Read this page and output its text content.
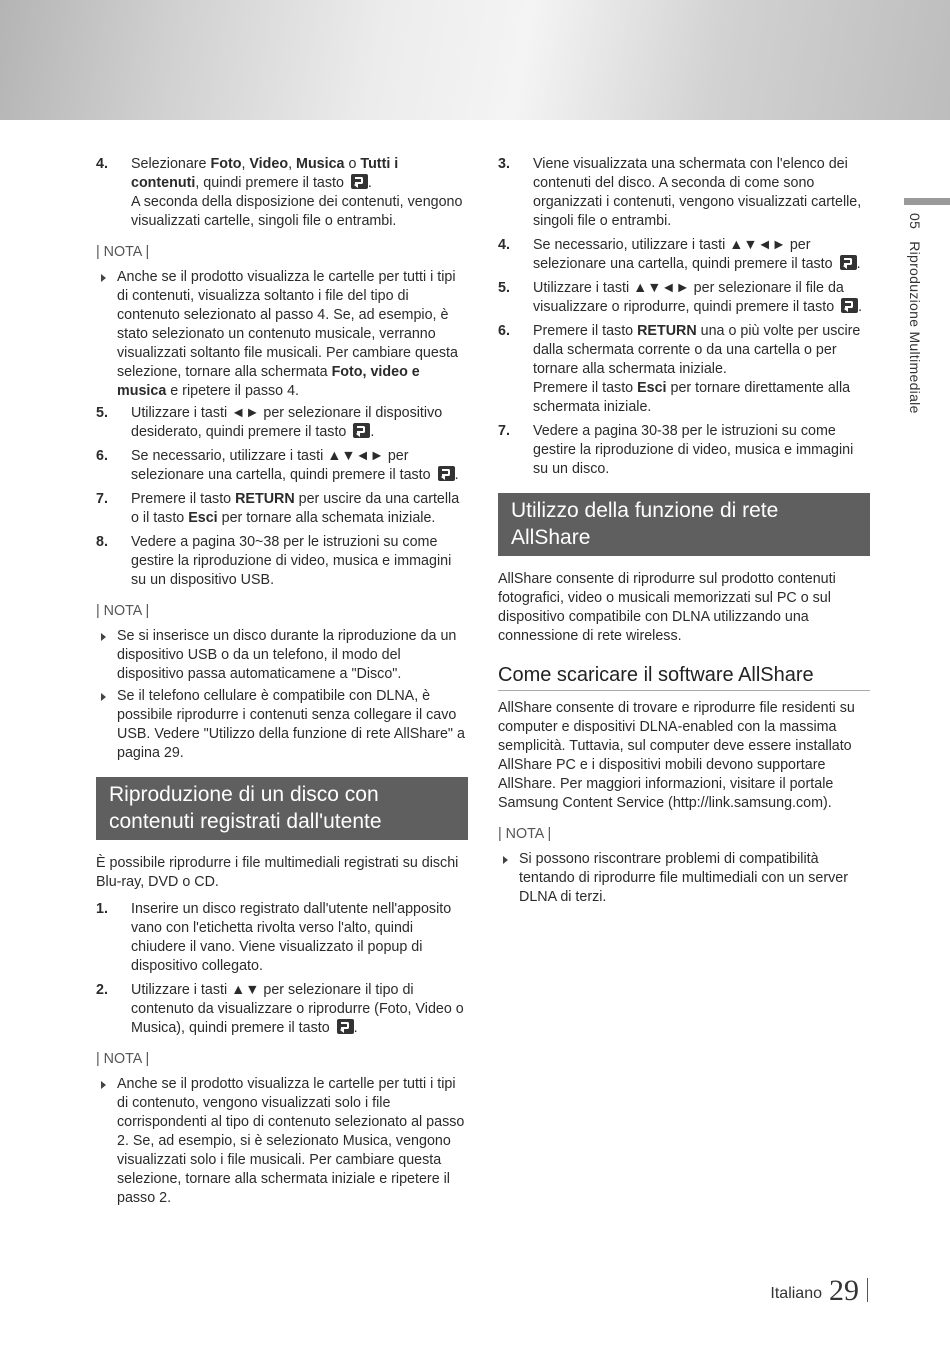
4. Selezionare Foto, Video, Musica o Tutti i contenuti, quindi premere il tasto .
A seconda della disposizione dei contenuti, vengono visualizzati cartelle, singoli file o entrambi.
| NOTA |
Anche se il prodotto visualizza le cartelle per tutti i tipi di contenuti, visualizza soltanto i file del tipo di contenuto selezionato al passo 4. Se, ad esempio, è stato selezionato un contenuto musicale, verranno visualizzati soltanto file musicali. Per cambiare questa selezione, tornare alla schermata Foto, video e musica e ripetere il passo 4.
5. Utilizzare i tasti ◄► per selezionare il dispositivo desiderato, quindi premere il tasto .
6. Se necessario, utilizzare i tasti ▲▼◄► per selezionare una cartella, quindi premere il tasto .
7. Premere il tasto RETURN per uscire da una cartella o il tasto Esci per tornare alla schemata iniziale.
8. Vedere a pagina 30~38 per le istruzioni su come gestire la riproduzione di video, musica e immagini su un dispositivo USB.
| NOTA |
Se si inserisce un disco durante la riproduzione da un dispositivo USB o da un telefono, il modo del dispositivo passa automaticamene a "Disco".
Se il telefono cellulare è compatibile con DLNA, è possibile riprodurre i contenuti senza collegare il cavo USB. Vedere "Utilizzo della funzione di rete AllShare" a pagina 29.
Riproduzione di un disco con contenuti registrati dall'utente
È possibile riprodurre i file multimediali registrati su dischi Blu-ray, DVD o CD.
1. Inserire un disco registrato dall'utente nell'apposito vano con l'etichetta rivolta verso l'alto, quindi chiudere il vano. Viene visualizzato il popup di dispositivo collegato.
2. Utilizzare i tasti ▲▼ per selezionare il tipo di contenuto da visualizzare o riprodurre (Foto, Video o Musica), quindi premere il tasto .
| NOTA |
Anche se il prodotto visualizza le cartelle per tutti i tipi di contenuto, vengono visualizzati solo i file corrispondenti al tipo di contenuto selezionato al passo 2. Se, ad esempio, si è selezionato Musica, vengono visualizzati solo i file musicali. Per cambiare questa selezione, tornare alla schermata iniziale e ripetere il passo 2.
3. Viene visualizzata una schermata con l'elenco dei contenuti del disco. A seconda di come sono organizzati i contenuti, vengono visualizzati cartelle, singoli file o entrambi.
4. Se necessario, utilizzare i tasti ▲▼◄► per selezionare una cartella, quindi premere il tasto .
5. Utilizzare i tasti ▲▼◄► per selezionare il file da visualizzare o riprodurre, quindi premere il tasto .
6. Premere il tasto RETURN una o più volte per uscire dalla schermata corrente o da una cartella o per tornare alla schermata iniziale.
Premere il tasto Esci per tornare direttamente alla schermata iniziale.
7. Vedere a pagina 30-38 per le istruzioni su come gestire la riproduzione di video, musica e immagini su un disco.
Utilizzo della funzione di rete AllShare
AllShare consente di riprodurre sul prodotto contenuti fotografici, video o musicali memorizzati sul PC o sul dispositivo compatibile con DLNA utilizzando una connessione di rete wireless.
Come scaricare il software AllShare
AllShare consente di trovare e riprodurre file residenti su computer e dispositivi DLNA-enabled con la massima semplicità. Tuttavia, sul computer deve essere installato AllShare PC e i dispositivi mobili devono supportare AllShare. Per maggiori informazioni, visitare il portale Samsung Content Service (http://link.samsung.com).
| NOTA |
Si possono riscontrare problemi di compatibilità tentando di riprodurre file multimediali con un server DLNA di terzi.
05Riproduzione Multimediale
Italiano 29
